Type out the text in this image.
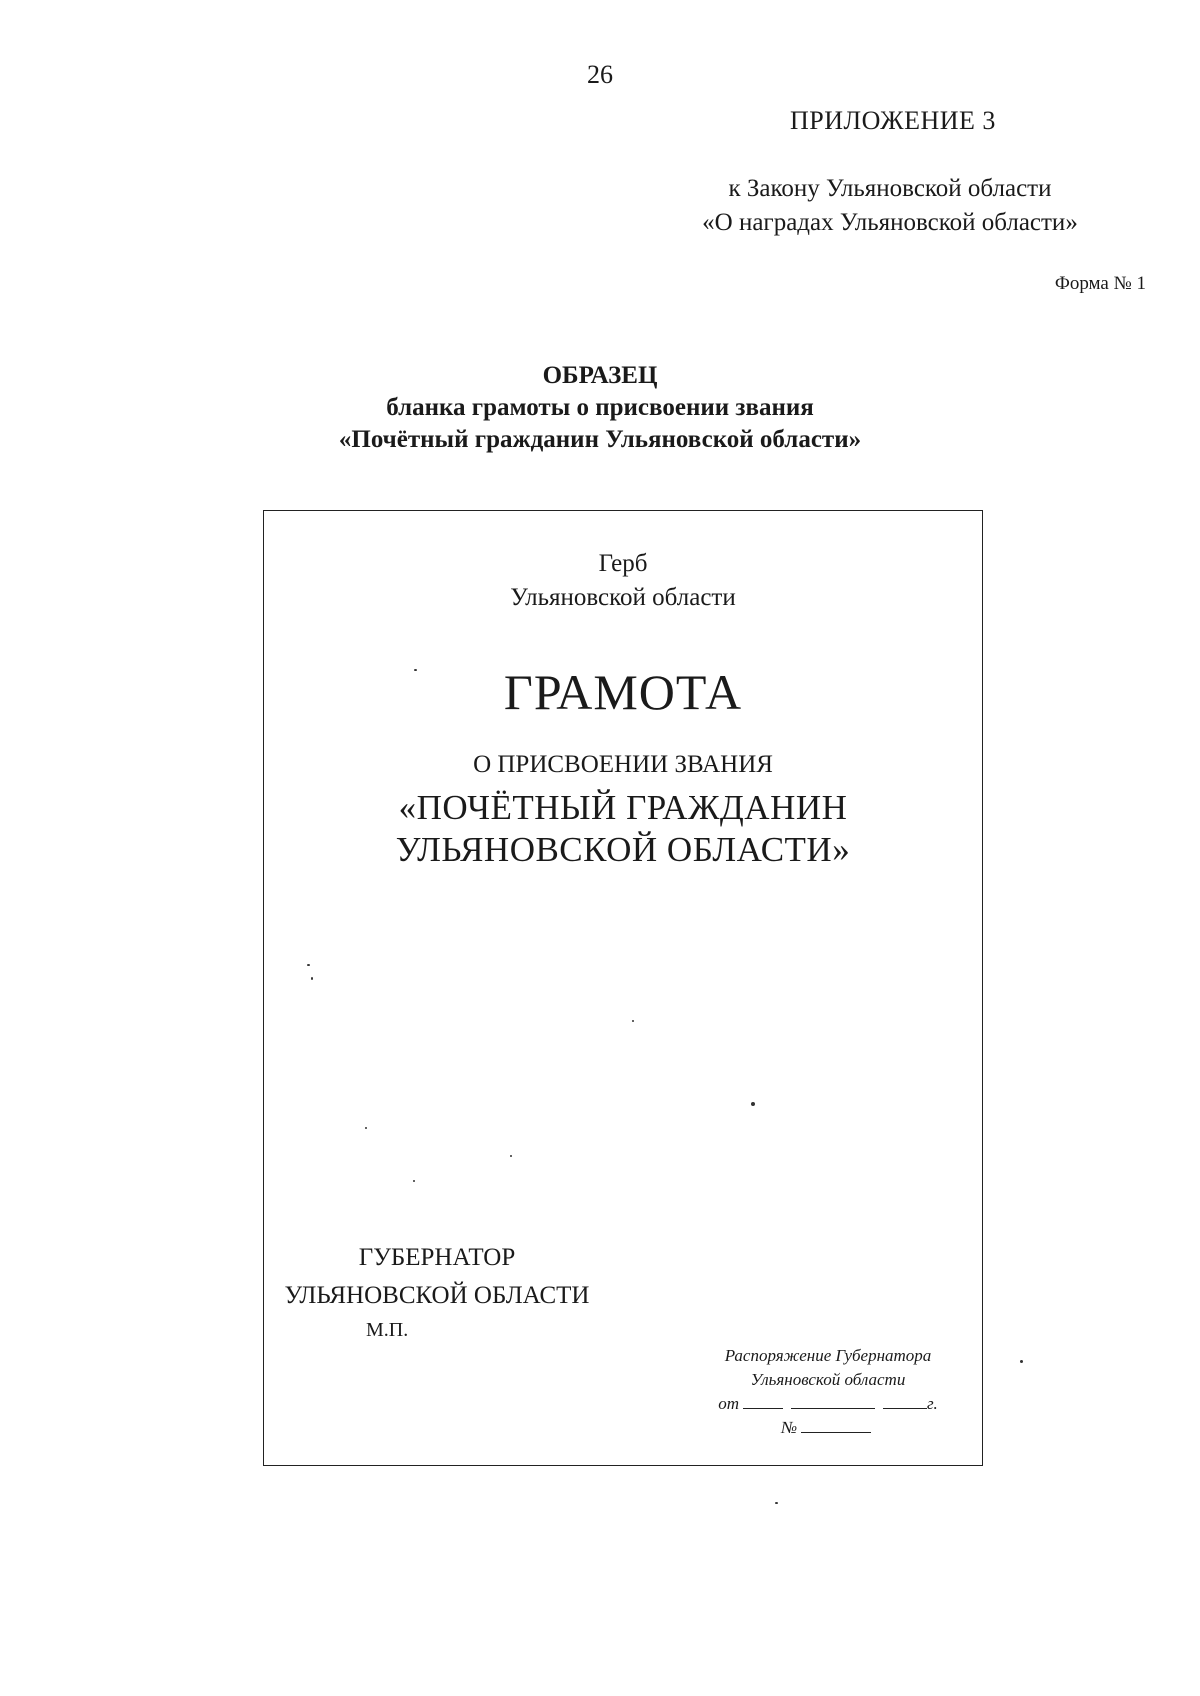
26
ПРИЛОЖЕНИЕ 3
к Закону Ульяновской области
«О наградах Ульяновской области»
Форма № 1
ОБРАЗЕЦ
бланка грамоты о присвоении звания
«Почётный гражданин Ульяновской области»
Герб
Ульяновской области
ГРАМОТА
О ПРИСВОЕНИИ ЗВАНИЯ
«ПОЧЁТНЫЙ ГРАЖДАНИН
УЛЬЯНОВСКОЙ ОБЛАСТИ»
ГУБЕРНАТОР
УЛЬЯНОВСКОЙ ОБЛАСТИ
М.П.
Распоряжение Губернатора
Ульяновской области
от	г.
№
